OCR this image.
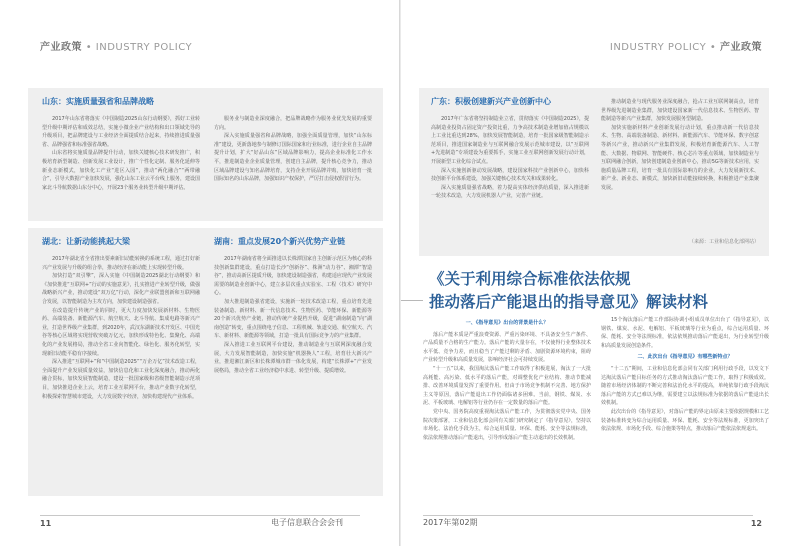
产业政策 • INDUSTRY POLICY
山东：实施质量强省和品牌战略

2017年山东省将落实《中国制造2025山东行动纲要》，抓好工业转型升级中期评估和成效总结，实施小微企业产业结构和出口领域先导的升级项目，把品牌建设与工业经济全面提质结合起来，持续推进质量强省、品牌强省和标准强省战略。

山东省将实施质量品牌提升行动，加快关键核心技术研发推广，积极培育新型制造、创新发展工业设计，推广个性化定制、服务化延伸等新业态新模式，加快化工产业“进区入园”，推动“两化融合”“两带融合”，引导大数据产业加快发展，强化山东工业云平台线上服务，建设国家北斗导航数据山东分中心，开展23个服务业转型升级中期评估。

服务业与制造业深度融合，把品牌战略作为服务业优先发展的重要方向。

深入实施质量强省和品牌战略，加强全面质量管理，加快“山东标准”建设，更新落地参与制修订国际国家和行业标准，进行企业自主品牌提升计划，扩大“好品山东”区域品牌影响力，提高企业标准化工作水平，推进制造业企业质量管理，创建自主品牌，提升核心竞争力，推动区域品牌建设与知名品牌培育，支持企业开展品牌并购，加快培育一批国际知名的山东品牌，加强知识产权保护，严厉打击侵权假冒行为。

湖北：让新动能挑起大梁

2017年湖北省全省推出要素新旧动能转换的系统工程，通过打好新兴产业发展与升级的组合拳，推动经济在新动能上实现转型升级。

加快打造“双引擎”，深入实施《中国制造2025湖北行动纲要》和《加快推进“互联网+”行动的实施意见》，扎实推进产业转型升级，做强战略新兴产业，推动建设“双万亿”行动，深化产业联盟创新和互联网融合发展，以智能制造为主攻方向，加快建设制造强省。

在改造提升传统产业的同时，更大力度加快发展新材料、生物医药、高端装备、新能源汽车、航空航天、北斗导航、集成电路等新兴产业，打造世界级产业集群，到2020年，武汉东湖新技术开发区、中国光谷等核心区域将实现营收突破万亿元，加快形成特色化、集聚化、高端化的产业发展格局，推动全省工业向智能化、绿色化、服务化转型，实现新旧动能平稳有序接续。

深入推进“互联网+”和“中国制造2025”“万企万亿”技术改造工程，全面提升产业发展质量效益，加快信息化和工业化深度融合，推动两化融合贯标，加快发展智能制造，建设一批国家级和省级智能制造示范项目，加快推进企业上云，培育工业互联网平台，推动产业数字化转型，积极探索智慧城市建设，大力发展数字经济，加快构建现代产业体系。

湖南：重点发展20个新兴优势产业链

2017年湖南省将全面推进以长株潭国家自主创新示范区为核心的科技创新集群建设，重点打造长沙“创新谷”、株洲“动力谷”、湘潭“智造谷”，推动高新区提质升级，加快建设制造强省，构建适应现代产业发展需要的制造业创新中心，建立多层次重点实验室、工程（技术）研究中心。

加大推进制造强省建设，实施新一轮技术改造工程，重点培育先进装备制造、新材料、新一代信息技术、生物医药、节能环保、新能源等20个新兴优势产业链，推动传统产业提档升级，促进“湖南制造”向“湖南创造”转变，重点围绕电子信息、工程机械、轨道交通、航空航天、汽车、新材料、新能源等领域，打造一批具有国际竞争力的产业集群。

深入推进工业互联网平台建设，推动制造业与互联网深度融合发展，大力发展智能制造，加快实施“机器换人”工程，培育壮大新兴产业，推进湘江新区和长株潭城市群一体化发展，构建“长株潭+”产业发展格局，推动全省工业经济稳中求进、转型升级、提质增效。

11	电子信息联合会会刊
INDUSTRY POLICY • 产业政策
广东：积极创建新兴产业创新中心

2017年广东省将坚持制造业立省，贯彻落实《中国制造2025》，提高制造业投资占固定资产投资比重，力争高技术制造业增加值占规模以上工业比重达到28%，加快发展智能制造，培育一批国家级智能制造示范项目，推进国家制造业与互联网融合发展示范城市建设，以“互联网+先进制造”专项建设为重要抓手，实施工业互联网创新发展行动计划，开展新型工业化综合试点。

深入实施创新驱动发展战略，建设国家科技产业创新中心，加快科技创新平台体系建设，加强关键核心技术攻关和成果转化。

深入实施质量强省战略，着力提高实体经济供给质量，深入推进新一轮技术改造，大力发展机器人产业，完善产业链。

推动制造业与现代服务业深度融合，抢占工业互联网制高点，培育世界级先进制造业集群，加快建设国家新一代信息技术、生物医药、智能制造等新兴产业集群，加快发展服务型制造。

加快实施新材料产业创新发展行动计划，重点推动新一代信息技术、生物、高端装备制造、新材料、新能源汽车、节能环保、数字创意等新兴产业，推动新兴产业集群发展，积极培育新能源汽车、人工智能、大数据、物联网、智能硬件、核心芯片等重点领域，加快制造业与互联网融合创新，加快创建制造业创新中心，推动5G等新技术应用，实施质量品牌工程，培育一批具有国际影响力的企业，大力发展新技术、新产业、新业态、新模式，加快新旧动能接续转换，积极推进产业集聚发展。

（来源：工业和信息化部网站）
《关于利用综合标准依法依规
推动落后产能退出的指导意见》解读材料

一、《指导意见》出台的背景是什么？

落后产能本质是严重浪费资源、严重污染环境、不具备安全生产条件、产品质量不合格的生产能力。落后产能的大量存在，不仅使得行业整体技术水平低、竞争力差，而且稳当了产能过剩的矛盾、加剧资源环境约束，阻碍产业转型升级和高质量发展，影响经济社会可持续发展。

“十一五”以来，我国淘汰落后产能工作取得了积极进展，淘汰了一大批高耗能、高污染、低水平的落后产能，对调整优化产业结构、推动节能减排、改善环境质量发挥了重要作用。但由于市场竞争机制不完善、地方保护主义等原因，落后产能退出工作仍面临诸多困难。当前，钢铁、煤炭、水泥、平板玻璃、电解铝等行业仍存在一定数量的落后产能。

党中央、国务院高度重视淘汰落后产能工作，为贯彻落实党中央、国务院决策部署，工业和信息化部会同有关部门研究制定了《指导意见》，坚持以市场化、法治化手段为主，综合运用质量、环保、能耗、安全等法规标准，依法依规推动落后产能退出，引导形成落后产能主动退出的长效机制。

15个淘汰落后产能工作部际协调小组成员单位出台了《指导意见》，以钢铁、煤炭、水泥、电解铝、平板玻璃等行业为重点，综合运用质量、环保、能耗、安全等法规标准，依法依规推动落后产能退出，为行业转型升级和高质量发展创造条件。

二、此次出台《指导意见》有哪些新特点？

“十二五”期间，工业和信息化部会同有关部门利用行政手段，以发文下达淘汰落后产能目标任务的方式推动淘汰落后产能工作，取得了积极成效。随着市场经济体制的不断完善和法治化水平的提高，单纯依靠行政手段淘汰落后产能的方式已难以为继，需要建立以法规标准为依据的落后产能退出长效机制。

此次出台的《指导意见》，对落后产能的界定由原来主要依据规模和工艺装备标准转变为综合运用质量、环保、能耗、安全等法规标准，更加突出了依法依规、市场化手段、综合施策等特点，推动落后产能依法依规退出。

2017年第02期	12
